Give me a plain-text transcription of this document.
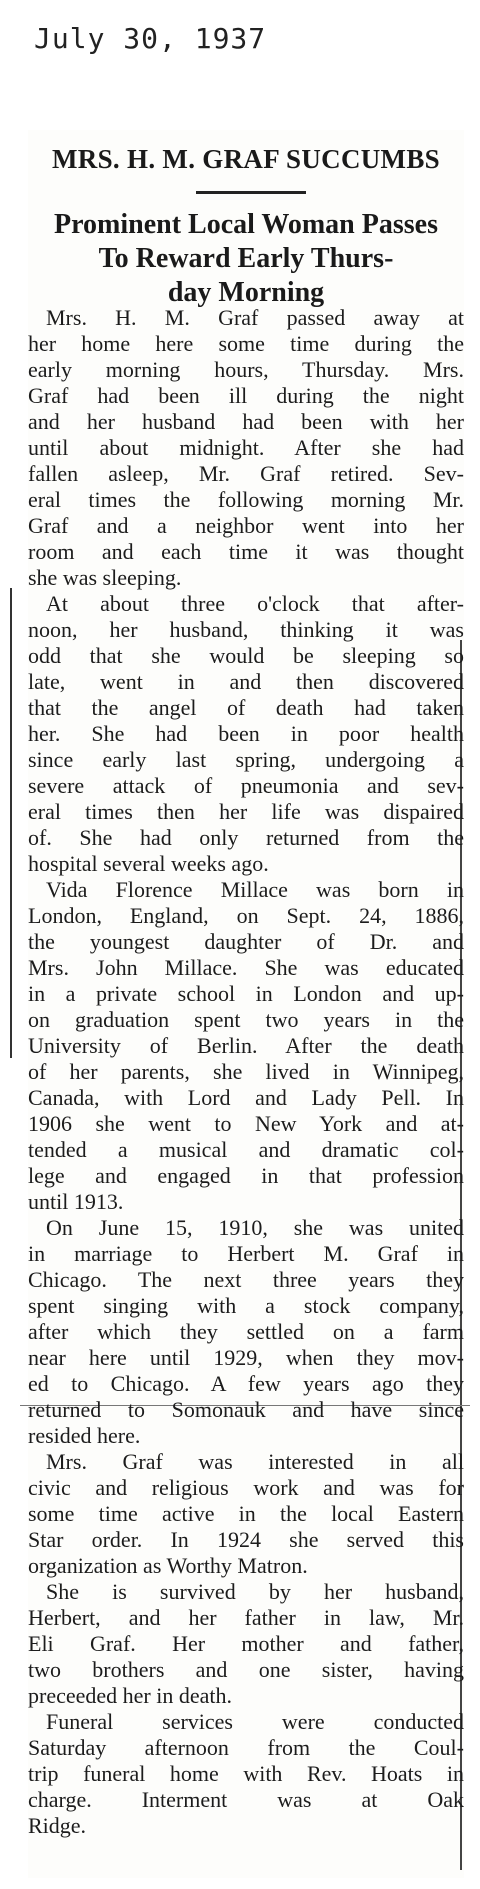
July 30, 1937
MRS. H. M. GRAF SUCCUMBS
Prominent Local Woman Passes
To Reward Early Thurs-
day Morning
Mrs. H. M. Graf passed away at
her home here some time during the
early morning hours, Thursday. Mrs.
Graf had been ill during the night
and her husband had been with her
until about midnight. After she had
fallen asleep, Mr. Graf retired. Sev-
eral times the following morning Mr.
Graf and a neighbor went into her
room and each time it was thought
she was sleeping.
At about three o'clock that after-
noon, her husband, thinking it was
odd that she would be sleeping so
late, went in and then discovered
that the angel of death had taken
her. She had been in poor health
since early last spring, undergoing a
severe attack of pneumonia and sev-
eral times then her life was dispaired
of. She had only returned from the
hospital several weeks ago.
Vida Florence Millace was born in
London, England, on Sept. 24, 1886,
the youngest daughter of Dr. and
Mrs. John Millace. She was educated
in a private school in London and up-
on graduation spent two years in the
University of Berlin. After the death
of her parents, she lived in Winnipeg,
Canada, with Lord and Lady Pell. In
1906 she went to New York and at-
tended a musical and dramatic col-
lege and engaged in that profession
until 1913.
On June 15, 1910, she was united
in marriage to Herbert M. Graf in
Chicago. The next three years they
spent singing with a stock company,
after which they settled on a farm
near here until 1929, when they mov-
ed to Chicago. A few years ago they
returned to Somonauk and have since
resided here.
Mrs. Graf was interested in all
civic and religious work and was for
some time active in the local Eastern
Star order. In 1924 she served this
organization as Worthy Matron.
She is survived by her husband,
Herbert, and her father in law, Mr.
Eli Graf. Her mother and father,
two brothers and one sister, having
preceeded her in death.
Funeral services were conducted
Saturday afternoon from the Coul-
trip funeral home with Rev. Hoats in
charge. Interment was at Oak
Ridge.
